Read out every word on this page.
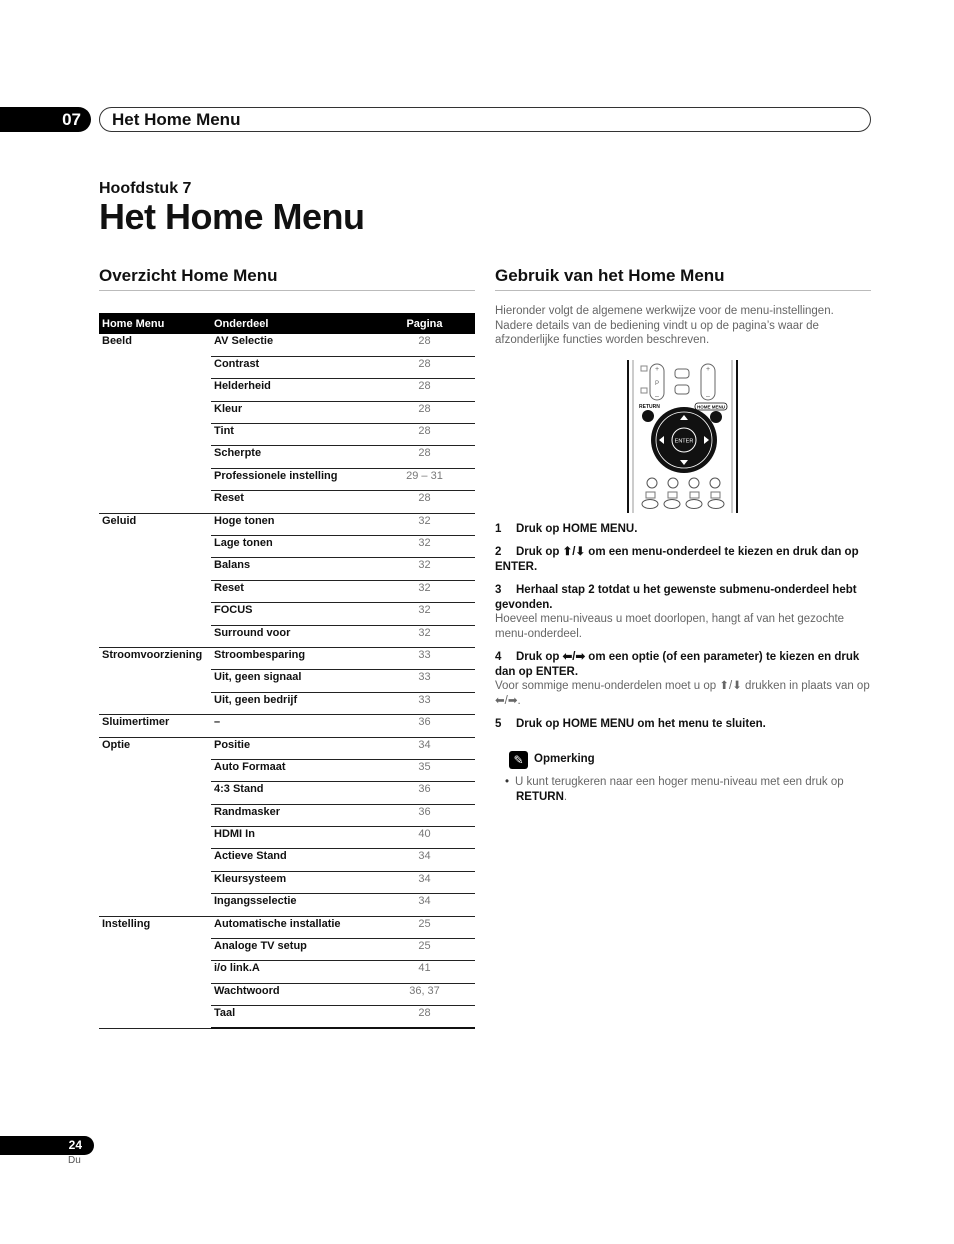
07	Het Home Menu
Hoofdstuk 7
Het Home Menu
Overzicht Home Menu	Gebruik van het Home Menu
Home Menu	Onderdeel	Pagina
Beeld	AV Selectie	28
	Contrast	28
	Helderheid	28
	Kleur	28
	Tint	28
	Scherpte	28
	Professionele instelling	29 – 31
	Reset	28
Geluid	Hoge tonen	32
	Lage tonen	32
	Balans	32
	Reset	32
	FOCUS	32
	Surround voor	32
Stroomvoorziening	Stroombesparing	33
	Uit, geen signaal	33
	Uit, geen bedrijf	33
Sluimertimer	–	36
Optie	Positie	34
	Auto Formaat	35
	4:3 Stand	36
	Randmasker	36
	HDMI In	40
	Actieve Stand	34
	Kleursysteem	34
	Ingangsselectie	34
Instelling	Automatische installatie	25
	Analoge TV setup	25
	i/o link.A	41
	Wachtwoord	36, 37
	Taal	28
Hieronder volgt de algemene werkwijze voor de menu-instellingen. Nadere details van de bediening vindt u op de pagina’s waar de afzonderlijke functies worden beschreven.
+
P
–
+
–
RETURN	HOME MENU
ENTER
1 Druk op HOME MENU.
2 Druk op ⬆/⬇ om een menu-onderdeel te kiezen en druk dan op ENTER.
3 Herhaal stap 2 totdat u het gewenste submenu-onderdeel hebt gevonden.
Hoeveel menu-niveaus u moet doorlopen, hangt af van het gezochte menu-onderdeel.
4 Druk op ⬅/➡ om een optie (of een parameter) te kiezen en druk dan op ENTER.
Voor sommige menu-onderdelen moet u op ⬆/⬇ drukken in plaats van op ⬅/➡.
5 Druk op HOME MENU om het menu te sluiten.
✎ Opmerking
• U kunt terugkeren naar een hoger menu-niveau met een druk op
RETURN.
24
Du
